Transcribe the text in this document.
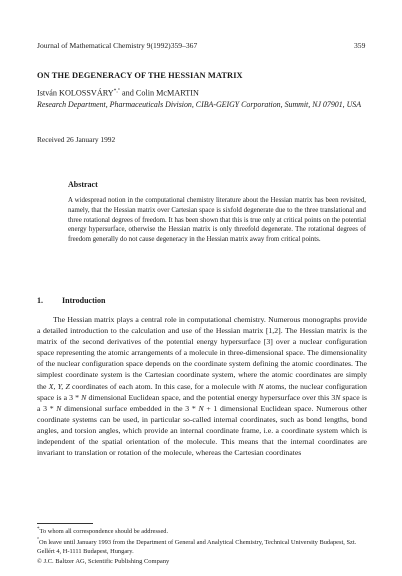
Journal of Mathematical Chemistry 9(1992)359–367	359
ON THE DEGENERACY OF THE HESSIAN MATRIX
István KOLOSSVÁRY*,° and Colin McMARTIN
Research Department, Pharmaceuticals Division, CIBA-GEIGY Corporation, Summit, NJ 07901, USA
Received 26 January 1992
Abstract
A widespread notion in the computational chemistry literature about the Hessian matrix has been revisited, namely, that the Hessian matrix over Cartesian space is sixfold degenerate due to the three translational and three rotational degrees of freedom. It has been shown that this is true only at critical points on the potential energy hypersurface, otherwise the Hessian matrix is only threefold degenerate. The rotational degrees of freedom generally do not cause degeneracy in the Hessian matrix away from critical points.
1. Introduction

The Hessian matrix plays a central role in computational chemistry. Numerous monographs provide a detailed introduction to the calculation and use of the Hessian matrix [1,2]. The Hessian matrix is the matrix of the second derivatives of the potential energy hypersurface [3] over a nuclear configuration space representing the atomic arrangements of a molecule in three-dimensional space. The dimensionality of the nuclear configuration space depends on the coordinate system defining the atomic coordinates. The simplest coordinate system is the Cartesian coordinate system, where the atomic coordinates are simply the X, Y, Z coordinates of each atom. In this case, for a molecule with N atoms, the nuclear configuration space is a 3 * N dimensional Euclidean space, and the potential energy hypersurface over this 3N space is a 3 * N dimensional surface embedded in the 3 * N + 1 dimensional Euclidean space. Numerous other coordinate systems can be used, in particular so-called internal coordinates, such as bond lengths, bond angles, and torsion angles, which provide an internal coordinate frame, i.e. a coordinate system which is independent of the spatial orientation of the molecule. This means that the internal coordinates are invariant to translation or rotation of the molecule, whereas the Cartesian coordinates

*To whom all correspondence should be addressed.
°On leave until January 1993 from the Department of General and Analytical Chemistry, Technical University Budapest, Szt. Gellért 4, H-1111 Budapest, Hungary.
© J.C. Baltzer AG, Scientific Publishing Company
